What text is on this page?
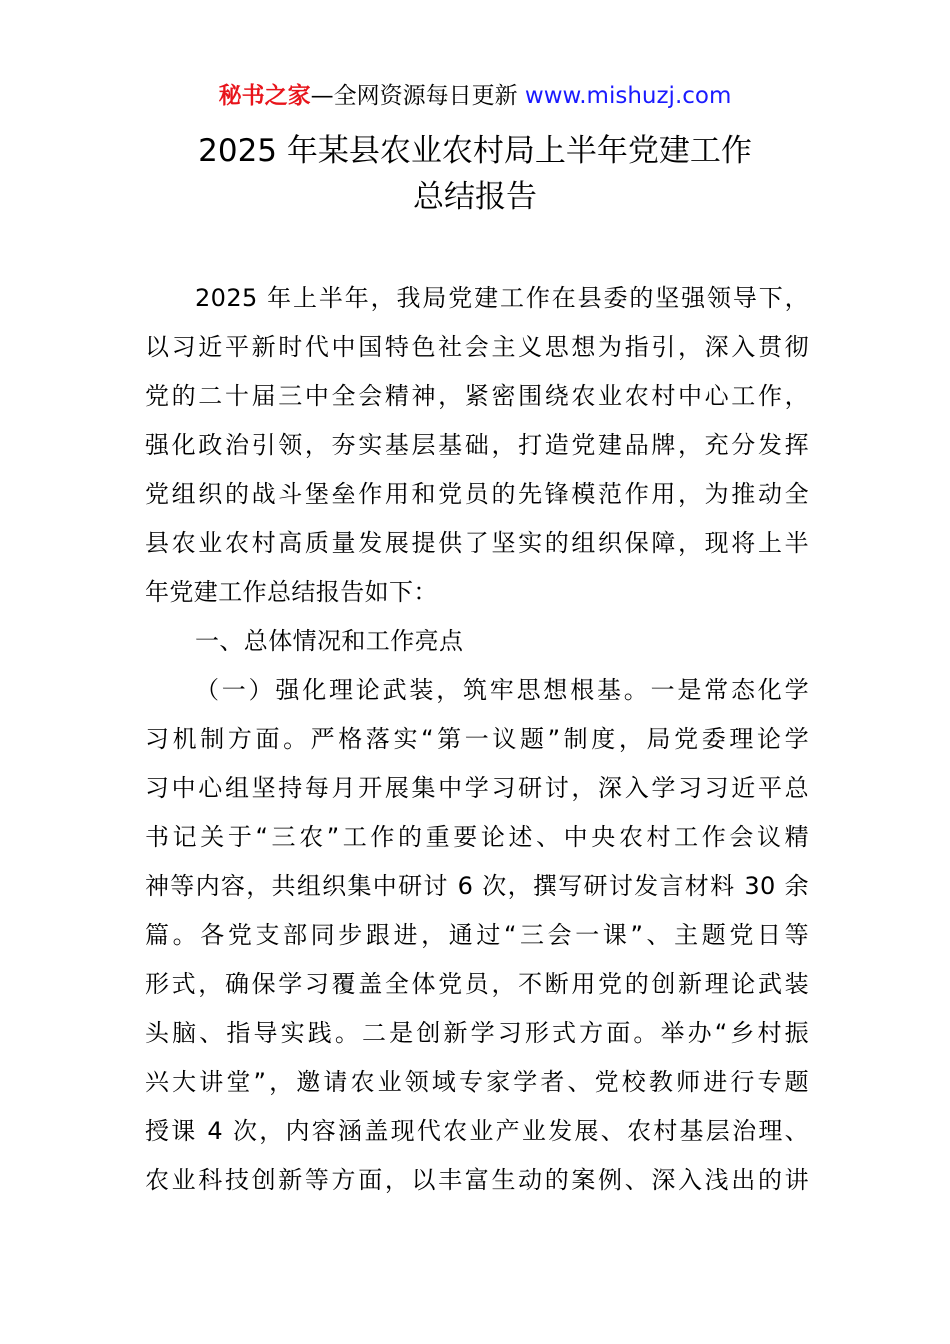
秘书之家—全网资源每日更新 www.mishuzj.com
2025 年某县农业农村局上半年党建工作
总结报告
2025 年上半年，我局党建工作在县委的坚强领导下，
以习近平新时代中国特色社会主义思想为指引，深入贯彻
党的二十届三中全会精神，紧密围绕农业农村中心工作，
强化政治引领，夯实基层基础，打造党建品牌，充分发挥
党组织的战斗堡垒作用和党员的先锋模范作用，为推动全
县农业农村高质量发展提供了坚实的组织保障，现将上半
年党建工作总结报告如下：
一、总体情况和工作亮点
（一）强化理论武装，筑牢思想根基。一是常态化学
习机制方面。严格落实“第一议题”制度，局党委理论学
习中心组坚持每月开展集中学习研讨，深入学习习近平总
书记关于“三农”工作的重要论述、中央农村工作会议精
神等内容，共组织集中研讨 6 次，撰写研讨发言材料 30 余
篇。各党支部同步跟进，通过“三会一课”、主题党日等
形式，确保学习覆盖全体党员，不断用党的创新理论武装
头脑、指导实践。二是创新学习形式方面。举办“乡村振
兴大讲堂”，邀请农业领域专家学者、党校教师进行专题
授课 4 次，内容涵盖现代农业产业发展、农村基层治理、
农业科技创新等方面，以丰富生动的案例、深入浅出的讲
